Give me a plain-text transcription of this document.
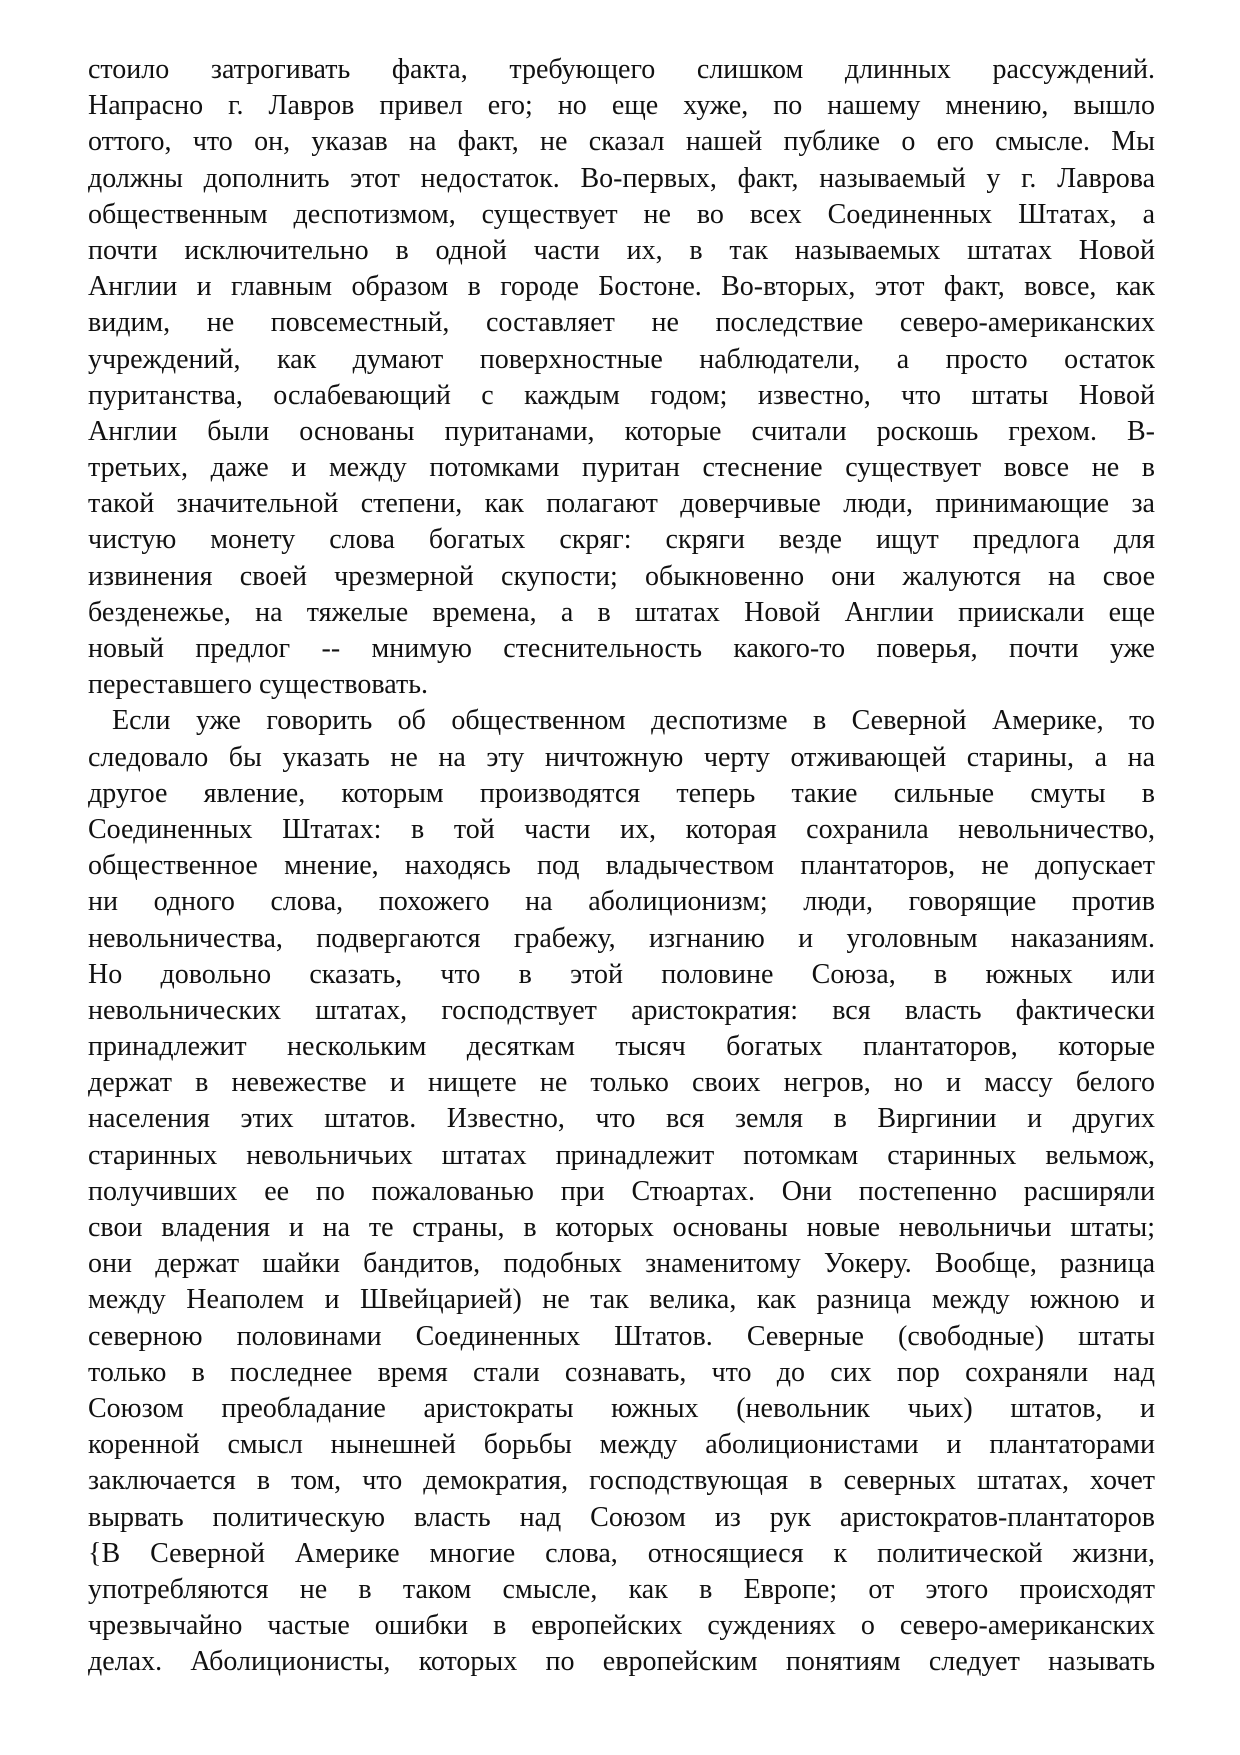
стоило затрогивать факта, требующего слишком длинных рассуждений.
Напрасно г. Лавров привел его; но еще хуже, по нашему мнению, вышло
оттого, что он, указав на факт, не сказал нашей публике о его смысле. Мы
должны дополнить этот недостаток. Во-первых, факт, называемый у г. Лаврова
общественным деспотизмом, существует не во всех Соединенных Штатах, а
почти исключительно в одной части их, в так называемых штатах Новой
Англии и главным образом в городе Бостоне. Во-вторых, этот факт, вовсе, как
видим, не повсеместный, составляет не последствие северо-американских
учреждений, как думают поверхностные наблюдатели, а просто остаток
пуританства, ослабевающий с каждым годом; известно, что штаты Новой
Англии были основаны пуританами, которые считали роскошь грехом. В-
третьих, даже и между потомками пуритан стеснение существует вовсе не в
такой значительной степени, как полагают доверчивые люди, принимающие за
чистую монету слова богатых скряг: скряги везде ищут предлога для
извинения своей чрезмерной скупости; обыкновенно они жалуются на свое
безденежье, на тяжелые времена, а в штатах Новой Англии приискали еще
новый предлог -- мнимую стеснительность какого-то поверья, почти уже
переставшего существовать.
Если уже говорить об общественном деспотизме в Северной Америке, то
следовало бы указать не на эту ничтожную черту отживающей старины, а на
другое явление, которым производятся теперь такие сильные смуты в
Соединенных Штатах: в той части их, которая сохранила невольничество,
общественное мнение, находясь под владычеством плантаторов, не допускает
ни одного слова, похожего на аболиционизм; люди, говорящие против
невольничества, подвергаются грабежу, изгнанию и уголовным наказаниям.
Но довольно сказать, что в этой половине Союза, в южных или
невольнических штатах, господствует аристократия: вся власть фактически
принадлежит нескольким десяткам тысяч богатых плантаторов, которые
держат в невежестве и нищете не только своих негров, но и массу белого
населения этих штатов. Известно, что вся земля в Виргинии и других
старинных невольничьих штатах принадлежит потомкам старинных вельмож,
получивших ее по пожалованью при Стюартах. Они постепенно расширяли
свои владения и на те страны, в которых основаны новые невольничьи штаты;
они держат шайки бандитов, подобных знаменитому Уокеру. Вообще, разница
между Неаполем и Швейцарией) не так велика, как разница между южною и
северною половинами Соединенных Штатов. Северные (свободные) штаты
только в последнее время стали сознавать, что до сих пор сохраняли над
Союзом преобладание аристократы южных (невольник чьих) штатов, и
коренной смысл нынешней борьбы между аболиционистами и плантаторами
заключается в том, что демократия, господствующая в северных штатах, хочет
вырвать политическую власть над Союзом из рук аристократов-плантаторов
{В Северной Америке многие слова, относящиеся к политической жизни,
употребляются не в таком смысле, как в Европе; от этого происходят
чрезвычайно частые ошибки в европейских суждениях о северо-американских
делах. Аболиционисты, которых по европейским понятиям следует называть
